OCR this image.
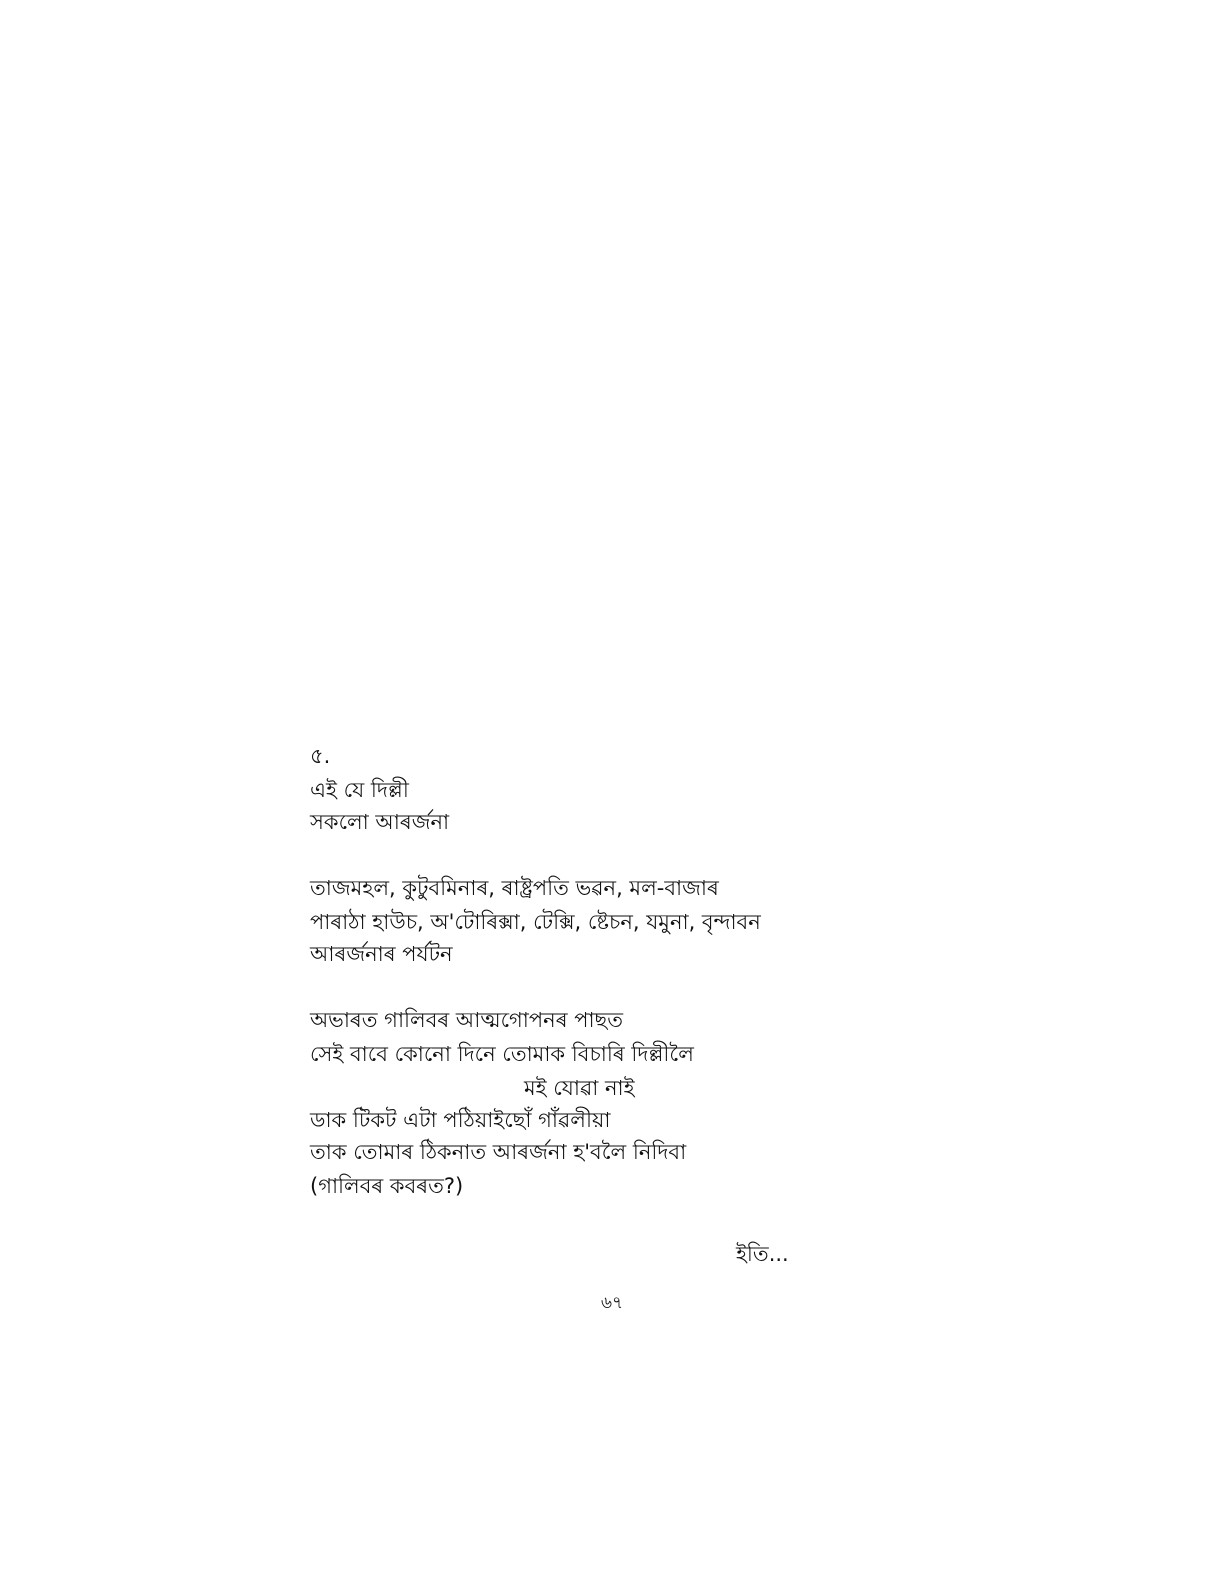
৫.
এই যে দিল্লী
সকলো আৰৰ্জনা
তাজমহল, কুটুবমিনাৰ, ৰাষ্ট্ৰপতি ভৱন, মল-বাজাৰ
পাৰাঠা হাউচ, অ'টোৰিক্সা, টেক্সি, ষ্টেচন, যমুনা, বৃন্দাবন
আৰৰ্জনাৰ পৰ্যটন
অভাৰত গালিবৰ আত্মগোপনৰ পাছত
সেই বাবে কোনো দিনে তোমাক বিচাৰি দিল্লীলৈ
মই যোৱা নাই
ডাক টিকট এটা পঠিয়াইছোঁ গাঁৱলীয়া
তাক তোমাৰ ঠিকনাত আৰৰ্জনা হ'বলৈ নিদিবা
(গালিবৰ কবৰত?)
ইতি...
৬৭
